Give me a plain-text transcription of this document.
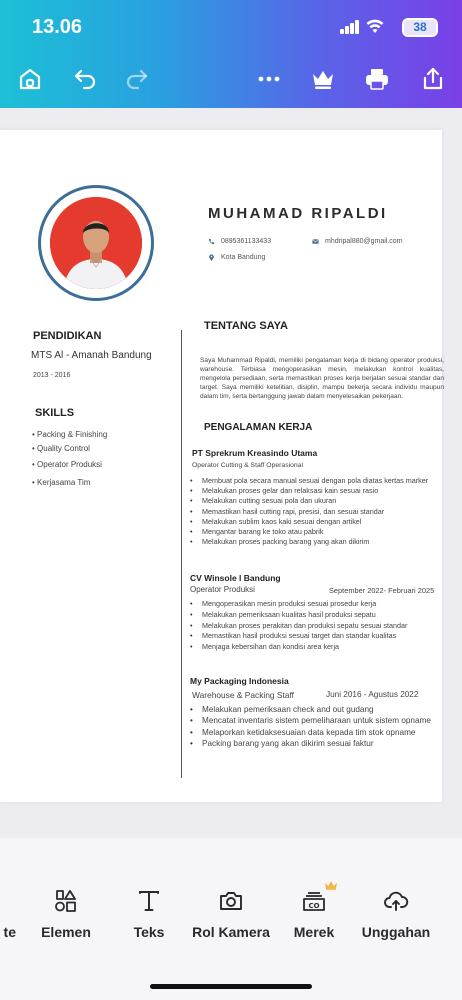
13.06	38
MUHAMAD RIPALDI
0895361133433	mhdripal880@gmail.com
Kota Bandung
PENDIDIKAN
MTS Al - Amanah Bandung
2013 - 2016
SKILLS
• Packing & Finishing
• Quality Control
• Operator Produksi
• Kerjasama Tim
TENTANG SAYA
Saya Muhammad Ripaldi, memiliki pengalaman kerja di bidang operator produksi, warehouse. Terbiasa mengoperasikan mesin, melakukan kontrol kualitas, mengelola persediaan, serta memastikan proses kerja berjalan sesuai standar dan target. Saya memiliki ketelitian, disiplin, mampu bekerja secara individu maupun dalam tim, serta bertanggung jawab dalam menyelesaikan pekerjaan.
PENGALAMAN KERJA
PT Sprekrum Kreasindo Utama
Operator Cutting & Staff Operasional
• Membuat pola secara manual sesuai dengan pola diatas kertas marker
• Melakukan proses gelar dan relaksasi kain sesuai rasio
• Melakukan cutting sesuai pola dan ukuran
• Memastikan hasil cutting rapi, presisi, dan sesuai standar
• Melakukan sublim kaos kaki sesuai dengan artikel
• Mengantar barang ke toko atau pabrik
• Melakukan proses packing barang yang akan dikirim
CV Winsole l Bandung
Operator Produksi	September 2022- Februari 2025
• Mengoperasikan mesin produksi sesuai prosedur kerja
• Melakukan pemeriksaan kualitas hasil produksi sepatu
• Melakukan proses perakitan dan produksi sepatu sesuai standar
• Memastikan hasil produksi sesuai target dan standar kualitas
• Menjaga kebersihan dan kondisi area kerja
My Packaging Indonesia
Warehouse & Packing Staff	Juni 2016 - Agustus 2022
• Melakukan pemeriksaan check and out gudang
• Mencatat inventaris sistem pemeliharaan untuk sistem opname
• Melaporkan ketidaksesuaian data kepada tim stok opname
• Packing barang yang akan dikirim sesuai faktur
te	Elemen	Teks	Rol Kamera
CO
Merek	Unggahan
